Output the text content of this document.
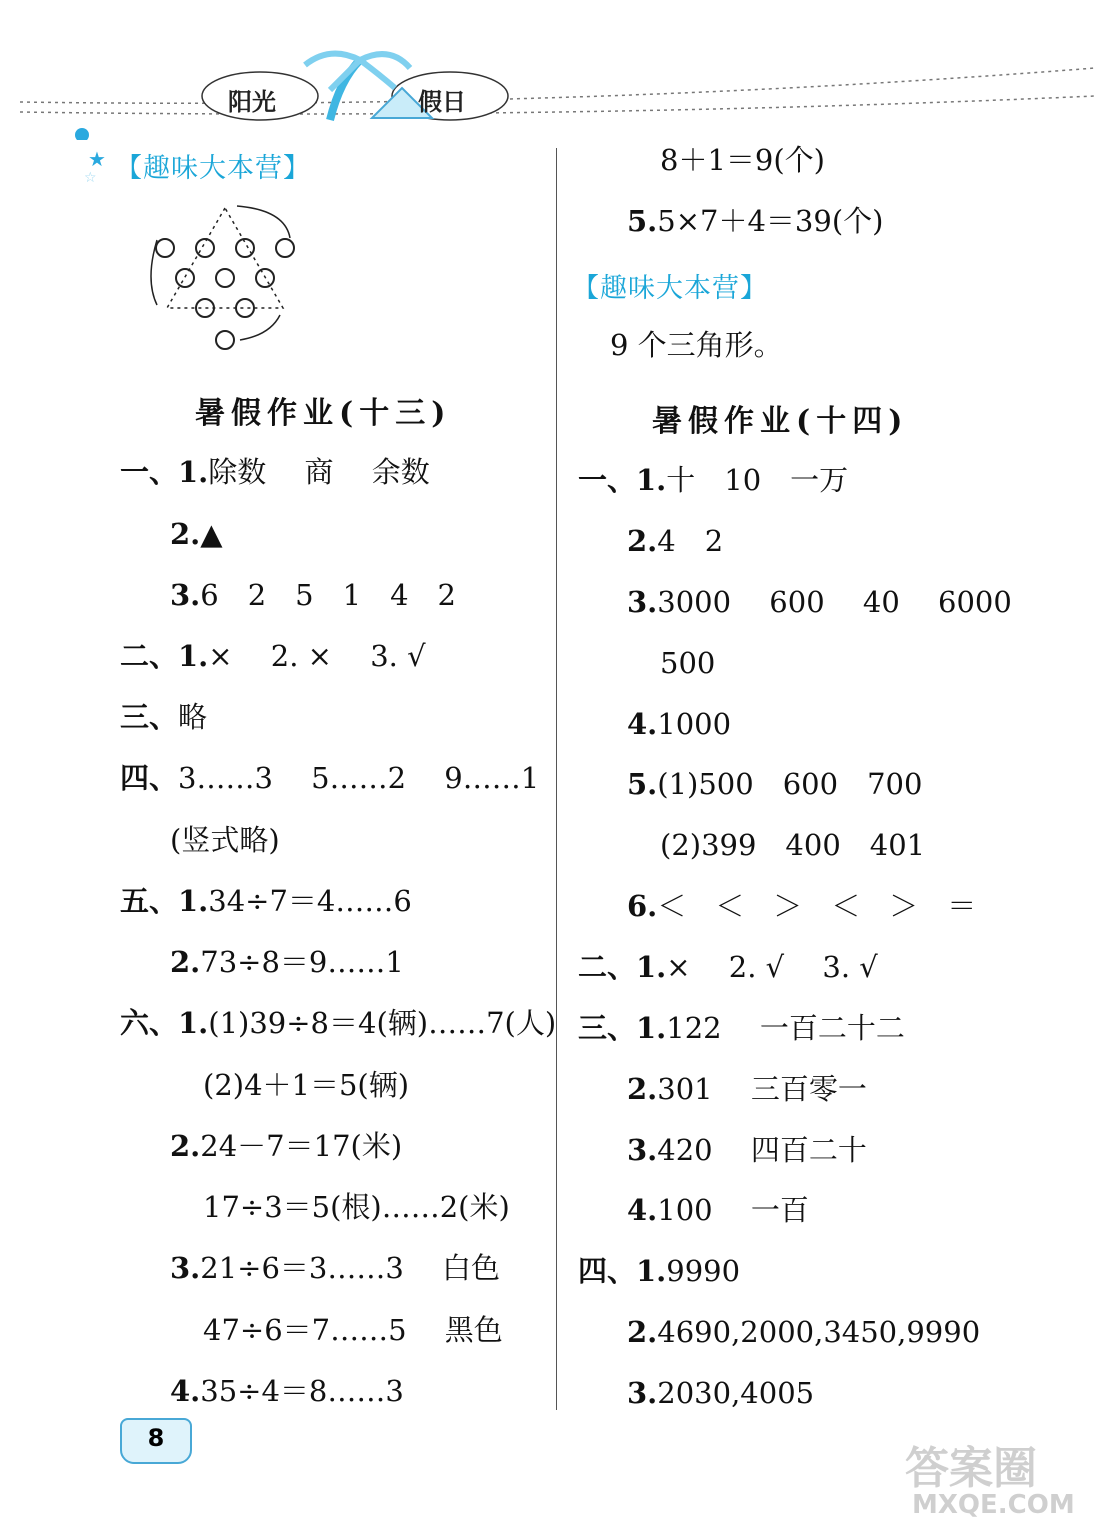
阳光	假日
★
☆ 【趣味大本营】
暑假作业(十三)
一、1.除数　 商　 余数
2.▲
3.6　2　5　1　4　2
二、1.×　 2. ×　 3. √
三、略
四、3……3　 5……2　 9……1
(竖式略)
五、1.34÷7＝4……6
2.73÷8＝9……1
六、1.(1)39÷8＝4(辆)……7(人)
(2)4＋1＝5(辆)
2.24－7＝17(米)
17÷3＝5(根)……2(米)
3.21÷6＝3……3　 白色
47÷6＝7……5　 黑色
4.35÷4＝8……3
8＋1＝9(个)
5.5×7＋4＝39(个)
【趣味大本营】
9 个三角形。
暑假作业(十四)
一、1.十　10　一万
2.4　2
3.3000　 600　 40　 6000
500
4.1000
5.(1)500　600　700
(2)399　400　401
6.＜　＜　＞　＜　＞　＝
二、1.×　 2. √　 3. √
三、1.122　 一百二十二
2.301　 三百零一
3.420　 四百二十
4.100　 一百
四、1.9990
2.4690,2000,3450,9990
3.2030,4005
8
答案圈
MXQE.COM
